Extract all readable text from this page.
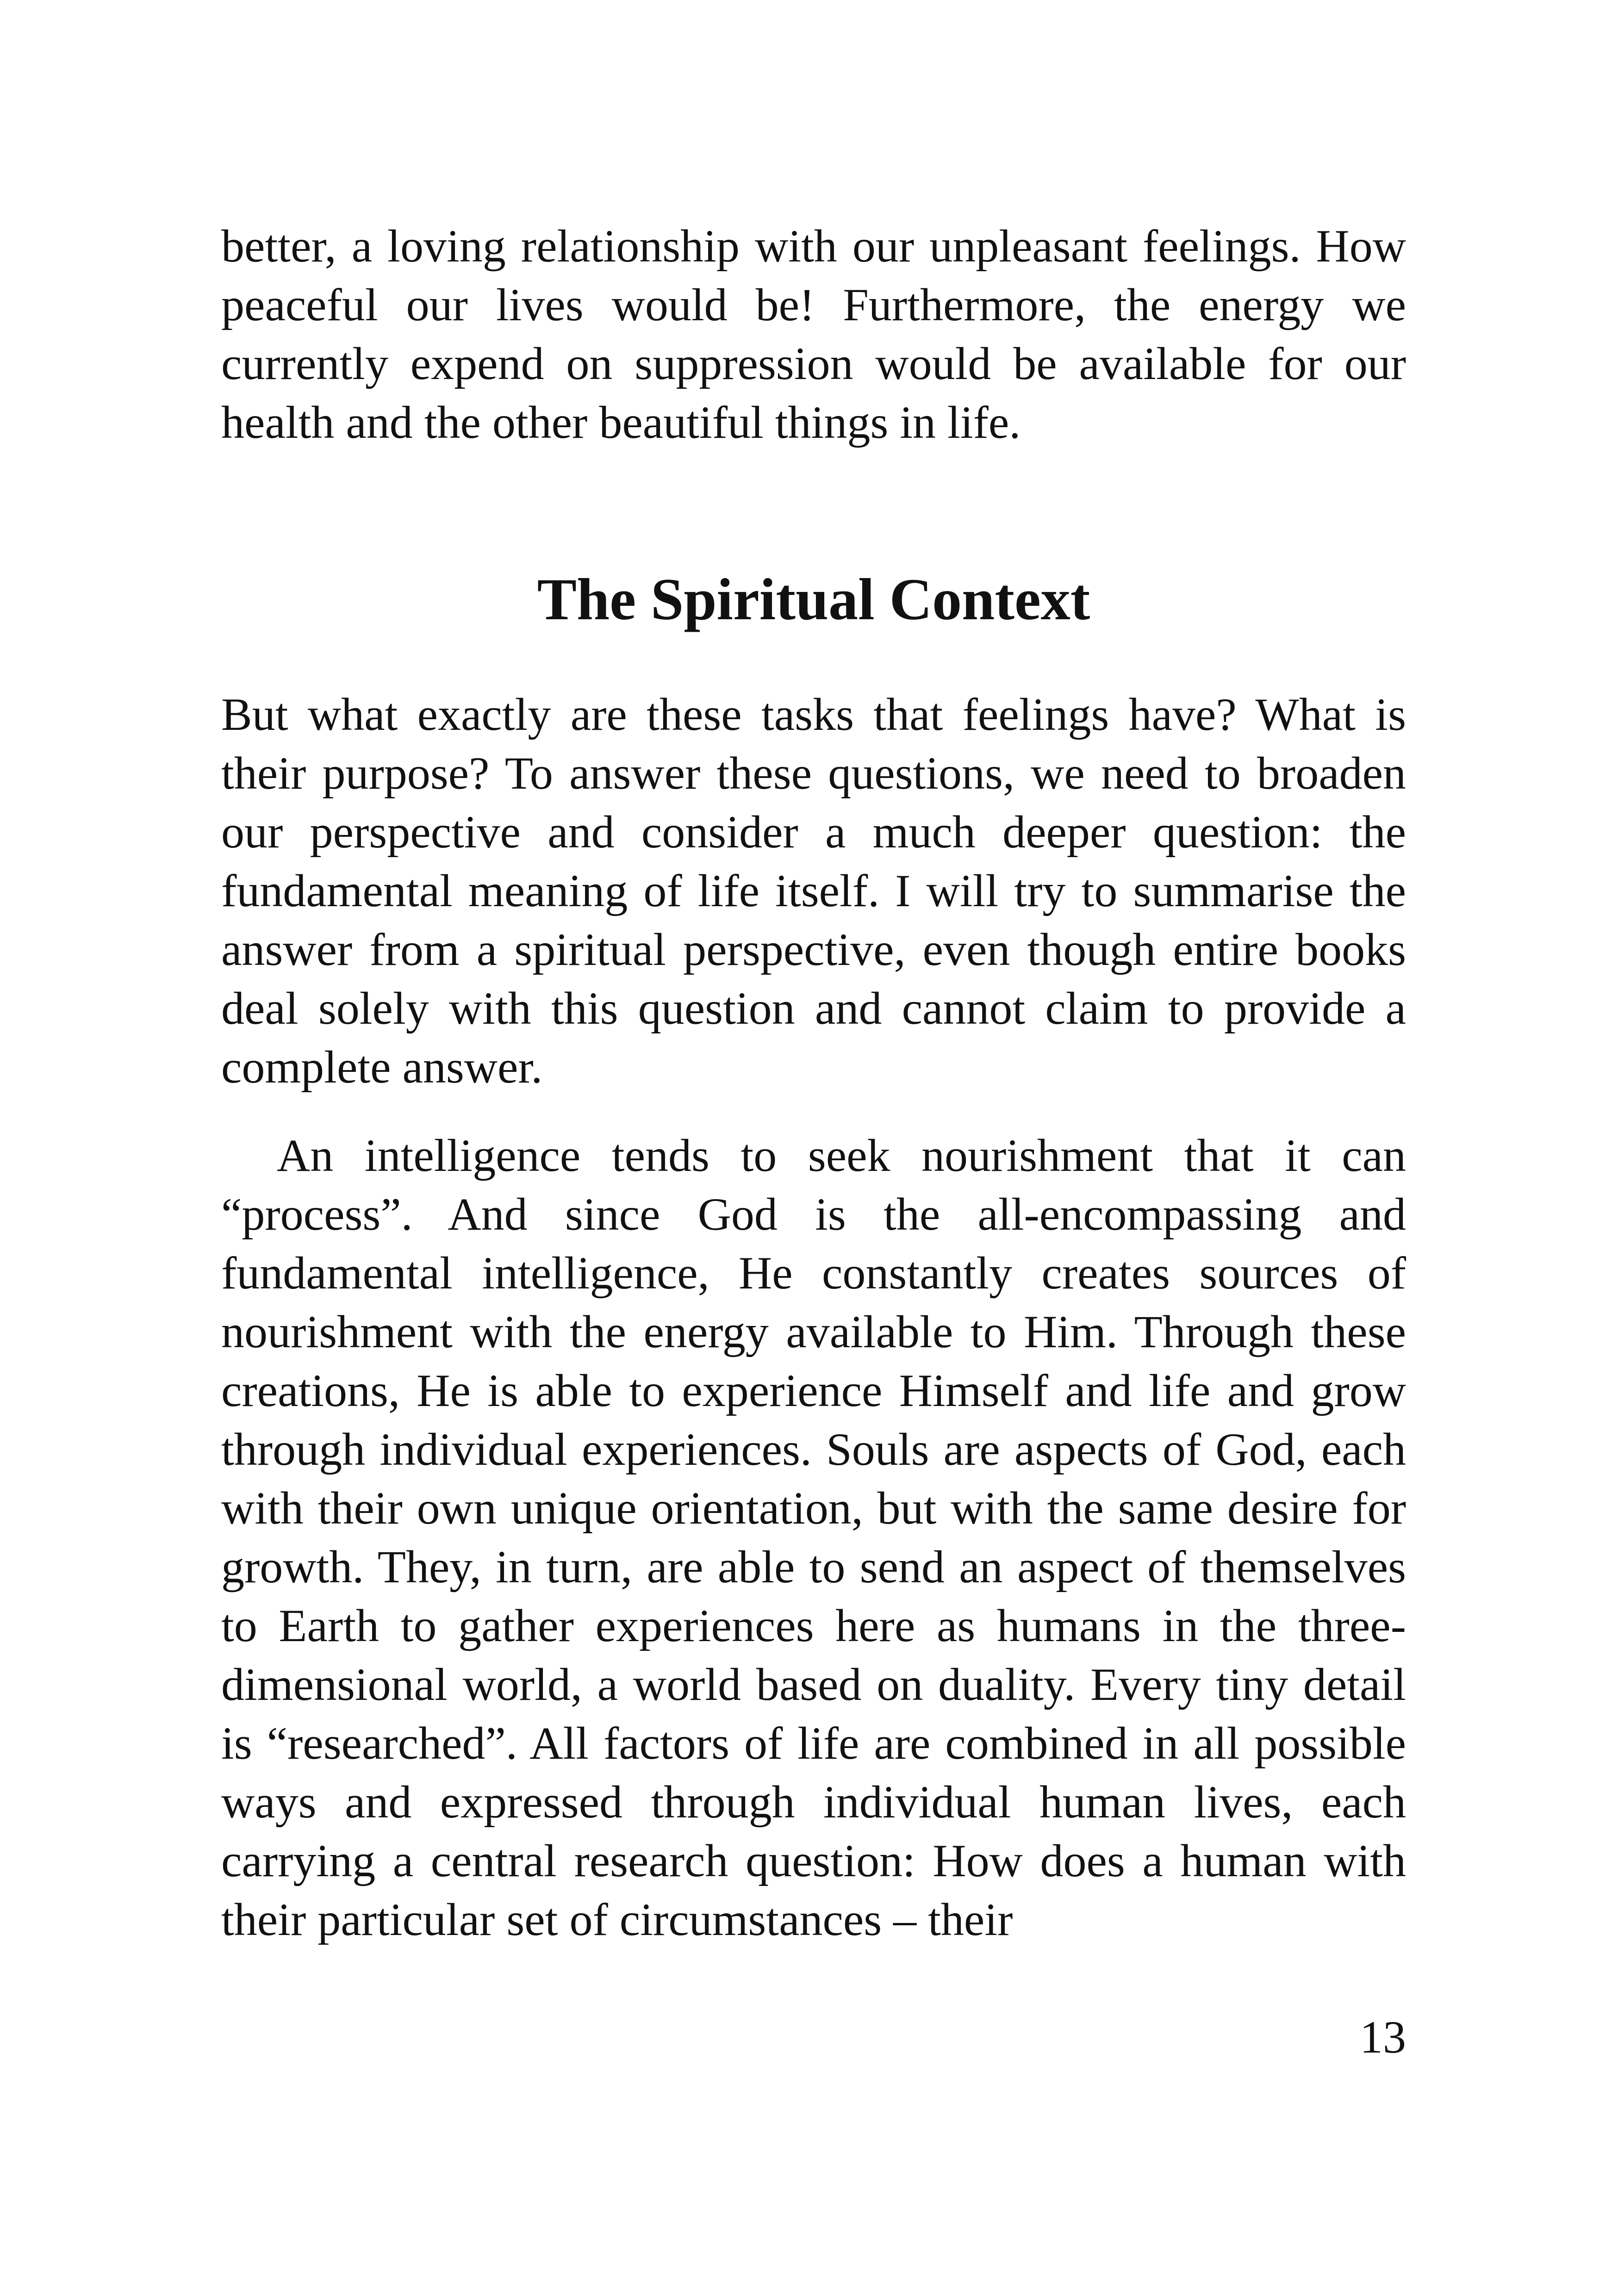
better, a loving relationship with our unpleasant feelings. How peaceful our lives would be! Furthermore, the energy we currently expend on suppression would be available for our health and the other beautiful things in life.

The Spiritual Context

But what exactly are these tasks that feelings have? What is their purpose? To answer these questions, we need to broaden our perspective and consider a much deeper question: the fundamental meaning of life itself. I will try to summarise the answer from a spiritual perspective, even though entire books deal solely with this question and cannot claim to provide a complete answer.

An intelligence tends to seek nourishment that it can “process”. And since God is the all-encompassing and fundamental intelligence, He constantly creates sources of nourishment with the energy available to Him. Through these creations, He is able to experience Himself and life and grow through individual experiences. Souls are aspects of God, each with their own unique orientation, but with the same desire for growth. They, in turn, are able to send an aspect of themselves to Earth to gather experiences here as humans in the three-dimensional world, a world based on duality. Every tiny detail is “researched”. All factors of life are combined in all possible ways and expressed through individual human lives, each carrying a central research question: How does a human with their particular set of circumstances – their

13
